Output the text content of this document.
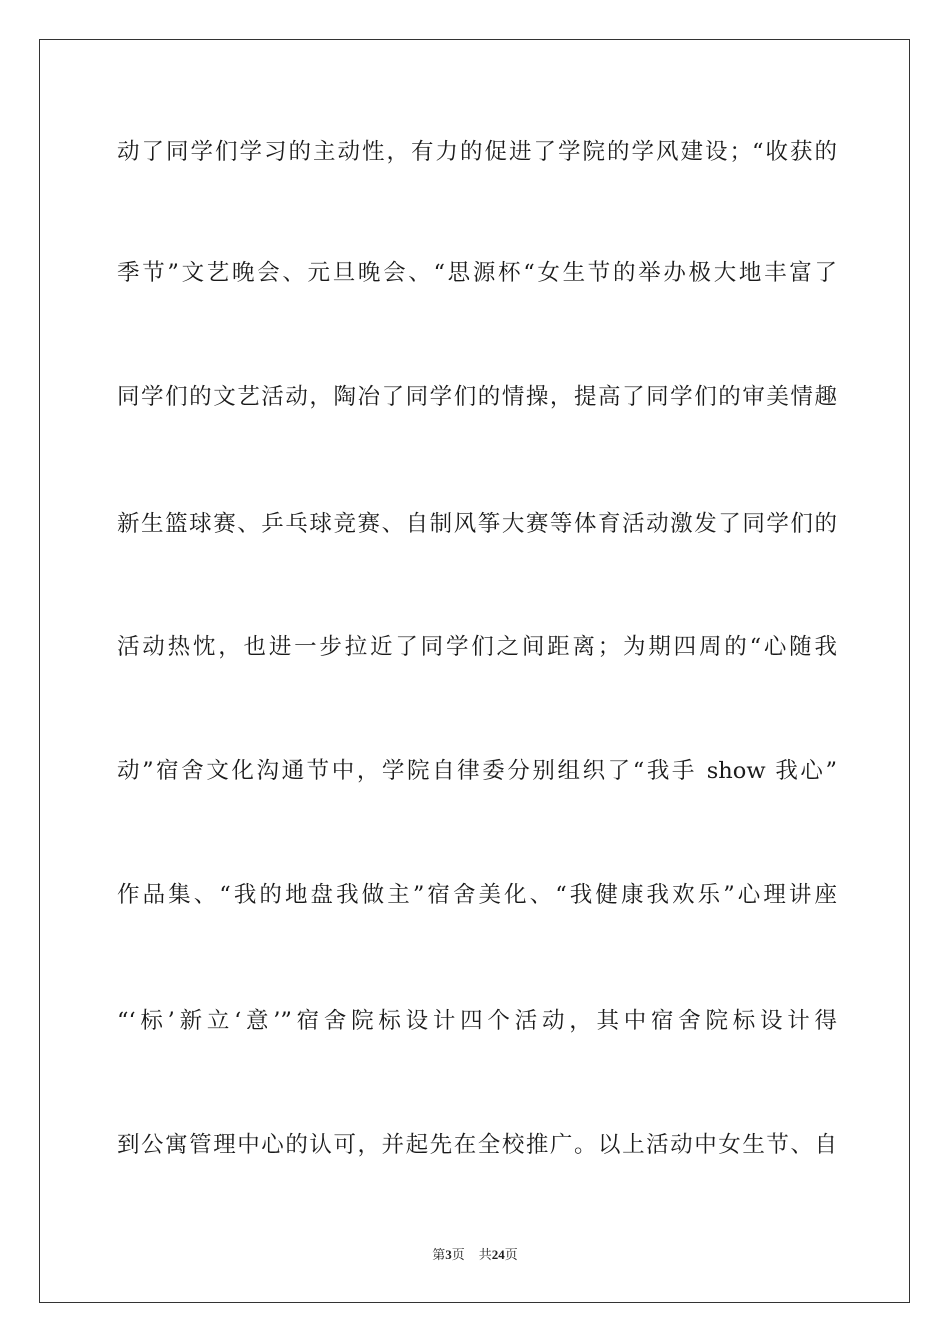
动了同学们学习的主动性，有力的促进了学院的学风建设；“收获的
季节”文艺晚会、元旦晚会、“思源杯“女生节的举办极大地丰富了
同学们的文艺活动，陶冶了同学们的情操，提高了同学们的审美情趣
新生篮球赛、乒乓球竞赛、自制风筝大赛等体育活动激发了同学们的
活动热忱，也进一步拉近了同学们之间距离；为期四周的“心随我
动”宿舍文化沟通节中，学院自律委分别组织了“我手 show 我心”
作品集、“我的地盘我做主”宿舍美化、“我健康我欢乐”心理讲座
“‘标’新立‘意’”宿舍院标设计四个活动，其中宿舍院标设计得
到公寓管理中心的认可，并起先在全校推广。以上活动中女生节、自
第3页 共24页
